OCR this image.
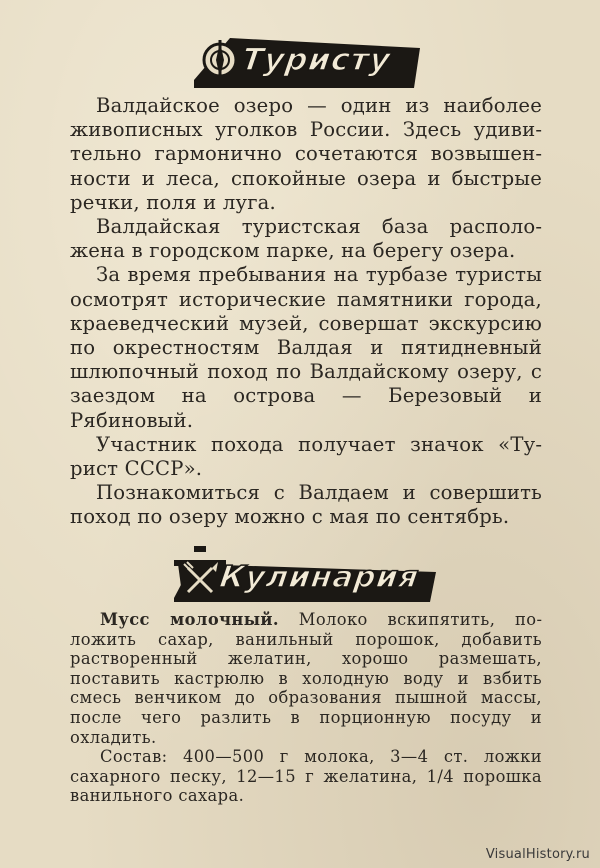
Туристу

Валдайское озеро — один из наиболее живописных уголков России. Здесь удивительно гармонично сочетаются возвышенности и леса, спокойные озера и быстрые речки, поля и луга.

Валдайская туристская база расположена в городском парке, на берегу озера.

За время пребывания на турбазе туристы осмотрят исторические памятники города, краеведческий музей, совершат экскурсию по окрестностям Валдая и пятидневный шлюпочный поход по Валдайскому озеру, с заездом на острова — Березовый и Рябиновый.

Участник похода получает значок «Турист СССР».

Познакомиться с Валдаем и совершить поход по озеру можно с мая по сентябрь.

Кулинария

Мусс молочный. Молоко вскипятить, положить сахар, ванильный порошок, добавить растворенный желатин, хорошо размешать, поставить кастрюлю в холодную воду и взбить смесь венчиком до образования пышной массы, после чего разлить в порционную посуду и охладить.

Состав: 400—500 г молока, 3—4 ст. ложки сахарного песку, 12—15 г желатина, 1/4 порошка ванильного сахара.

VisualHistory.ru
